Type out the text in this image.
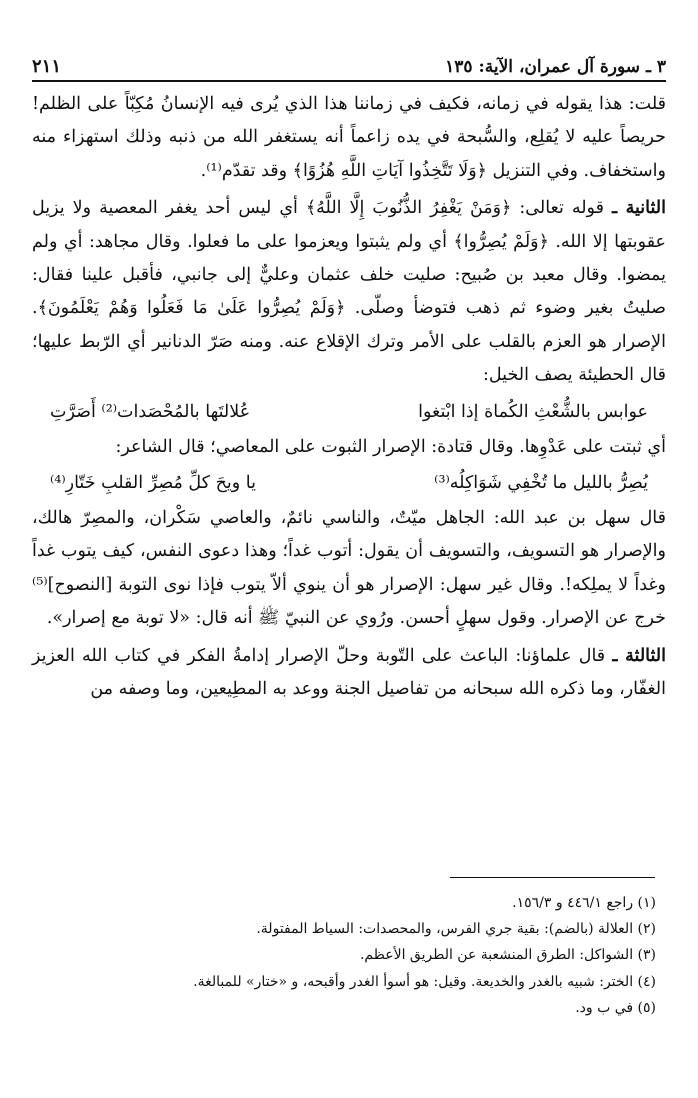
٢١١	٣ ـ سورة آل عمران، الآية: ١٣٥

قلت: هذا يقوله في زمانه، فكيف في زماننا هذا الذي يُرى فيه الإنسانُ مُكِبّاً على الظلم! حريصاً عليه لا يُقلِع، والسُّبحة في يده زاعماً أنه يستغفر الله من ذنبه وذلك استهزاء منه واستخفاف. وفي التنزيل ﴿وَلَا تَتَّخِذُوا آيَاتِ اللَّهِ هُزُوًا﴾ وقد تقدّم⁽¹⁾.

الثانية ـ قوله تعالى: ﴿وَمَنْ يَغْفِرُ الذُّنُوبَ إِلَّا اللَّهُ﴾ أي ليس أحد يغفر المعصية ولا يزيل عقوبتها إلا الله. ﴿وَلَمْ يُصِرُّوا﴾ أي ولم يثبتوا ويعزموا على ما فعلوا. وقال مجاهد: أي ولم يمضوا. وقال معبد بن صُبيح: صليت خلف عثمان وعليٌّ إلى جانبي، فأقبل علينا فقال: صليتُ بغير وضوء ثم ذهب فتوضأ وصلّى. ﴿وَلَمْ يُصِرُّوا عَلَىٰ مَا فَعَلُوا وَهُمْ يَعْلَمُونَ﴾. الإصرار هو العزم بالقلب على الأمر وترك الإقلاع عنه. ومنه صَرّ الدنانير أي الرّبط عليها؛ قال الحطيئة يصف الخيل:

عوابس بالشُّعْثِ الكُماة إذا ابْتغوا
عُلالتَها بالمُحْصَدات⁽²⁾ أَصَرَّتِ

أي ثبتت على عَدْوِها. وقال قتادة: الإصرار الثبوت على المعاصي؛ قال الشاعر:

يُصِرُّ بالليل ما تُخْفِي شَوَاكِلُه⁽³⁾
يا ويحَ كلِّ مُصِرِّ القلبِ خَتّارِ⁽⁴⁾

قال سهل بن عبد الله: الجاهل ميّتٌ، والناسي نائمٌ، والعاصي سَكْران، والمصِرّ هالك، والإصرار هو التسويف، والتسويف أن يقول: أتوب غداً؛ وهذا دعوى النفس، كيف يتوب غداً وغداً لا يملِكه!. وقال غير سهل: الإصرار هو أن ينوي ألاّ يتوب فإذا نوى التوبة [النصوح]⁽⁵⁾ خرج عن الإصرار. وقول سهلٍ أحسن. ورُوي عن النبيّ ﷺ أنه قال: «لا توبة مع إصرار».

الثالثة ـ قال علماؤنا: الباعث على التّوبة وحلّ الإصرار إدامةُ الفكر في كتاب الله العزيز الغفّار، وما ذكره الله سبحانه من تفاصيل الجنة ووعد به المطِيعين، وما وصفه من

(١) راجع ٤٤٦/١ و ١٥٦/٣.

(٢) العلالة (بالضم): بقية جري الفرس، والمحصدات: السياط المفتولة.

(٣) الشواكل: الطرق المنشعبة عن الطريق الأعظم.

(٤) الختر: شبيه بالغدر والخديعة. وقيل: هو أسوأ الغدر وأقبحه، و «ختار» للمبالغة.

(٥) في ب ود.
